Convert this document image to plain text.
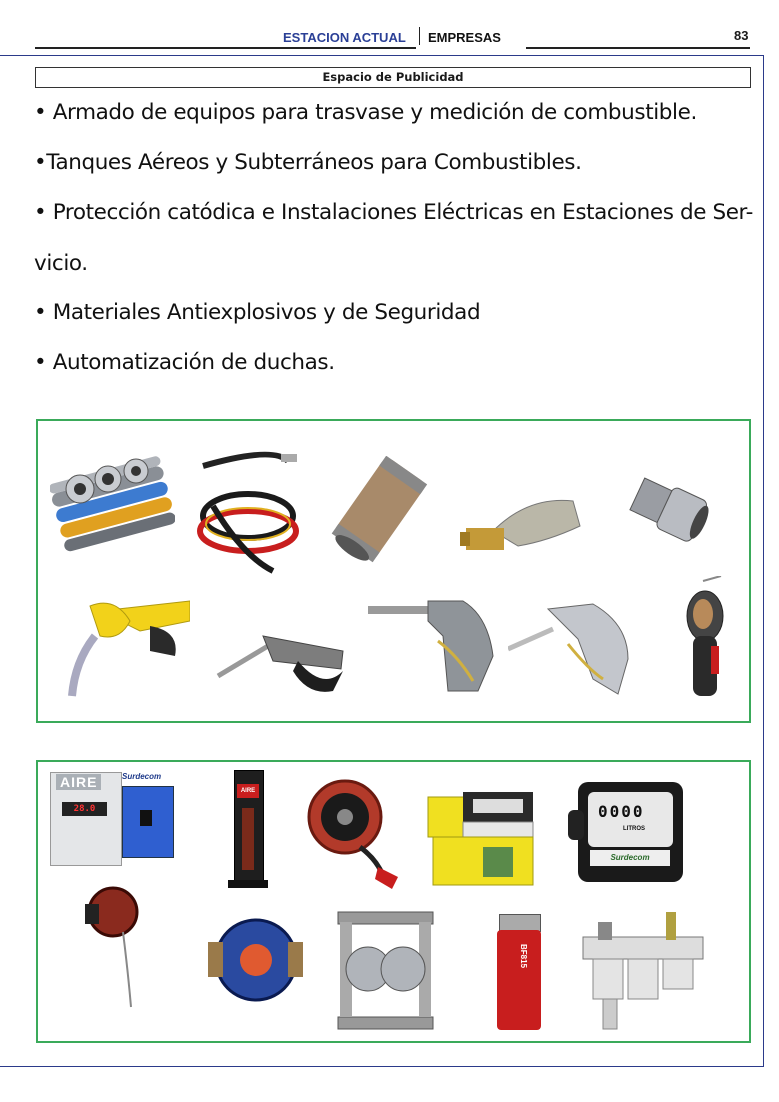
ESTACION ACTUAL EMPRESAS	83
Espacio de Publicidad
• Armado de equipos para trasvase y medición de combustible.
•Tanques Aéreos y Subterráneos para Combustibles.
• Protección catódica e Instalaciones Eléctricas en Estaciones de Ser-
vicio.
• Materiales Antiexplosivos y de Seguridad
• Automatización de duchas.
AIRE
28.0
Surdecom
AIRE
0000
LITROS
Surdecom
BF815
